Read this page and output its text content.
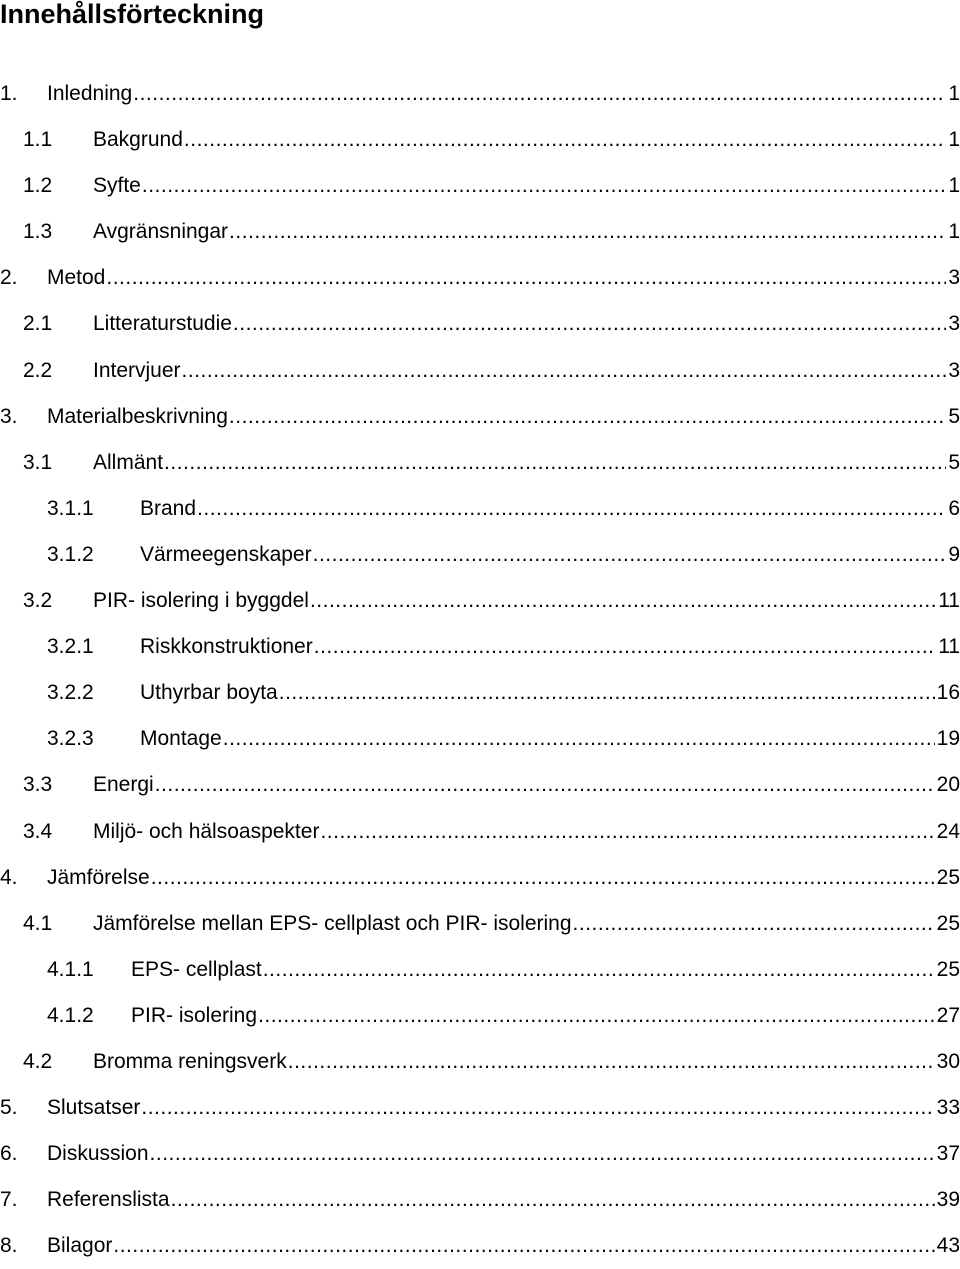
Innehållsförteckning
1. Inledning .....	1
1.1 Bakgrund .....	1
1.2 Syfte .....	1
1.3 Avgränsningar .....	1
2. Metod .....	3
2.1 Litteraturstudie .....	3
2.2 Intervjuer .....	3
3. Materialbeskrivning .....	5
3.1 Allmänt .....	5
3.1.1 Brand .....	6
3.1.2 Värmeegenskaper .....	9
3.2 PIR- isolering i byggdel .....	11
3.2.1 Riskkonstruktioner .....	11
3.2.2 Uthyrbar boyta .....	16
3.2.3 Montage .....	19
3.3 Energi .....	20
3.4 Miljö- och hälsoaspekter .....	24
4. Jämförelse .....	25
4.1 Jämförelse mellan EPS- cellplast och PIR- isolering .....	25
4.1.1 EPS- cellplast .....	25
4.1.2 PIR- isolering .....	27
4.2 Bromma reningsverk .....	30
5. Slutsatser .....	33
6. Diskussion .....	37
7. Referenslista .....	39
8. Bilagor .....	43
